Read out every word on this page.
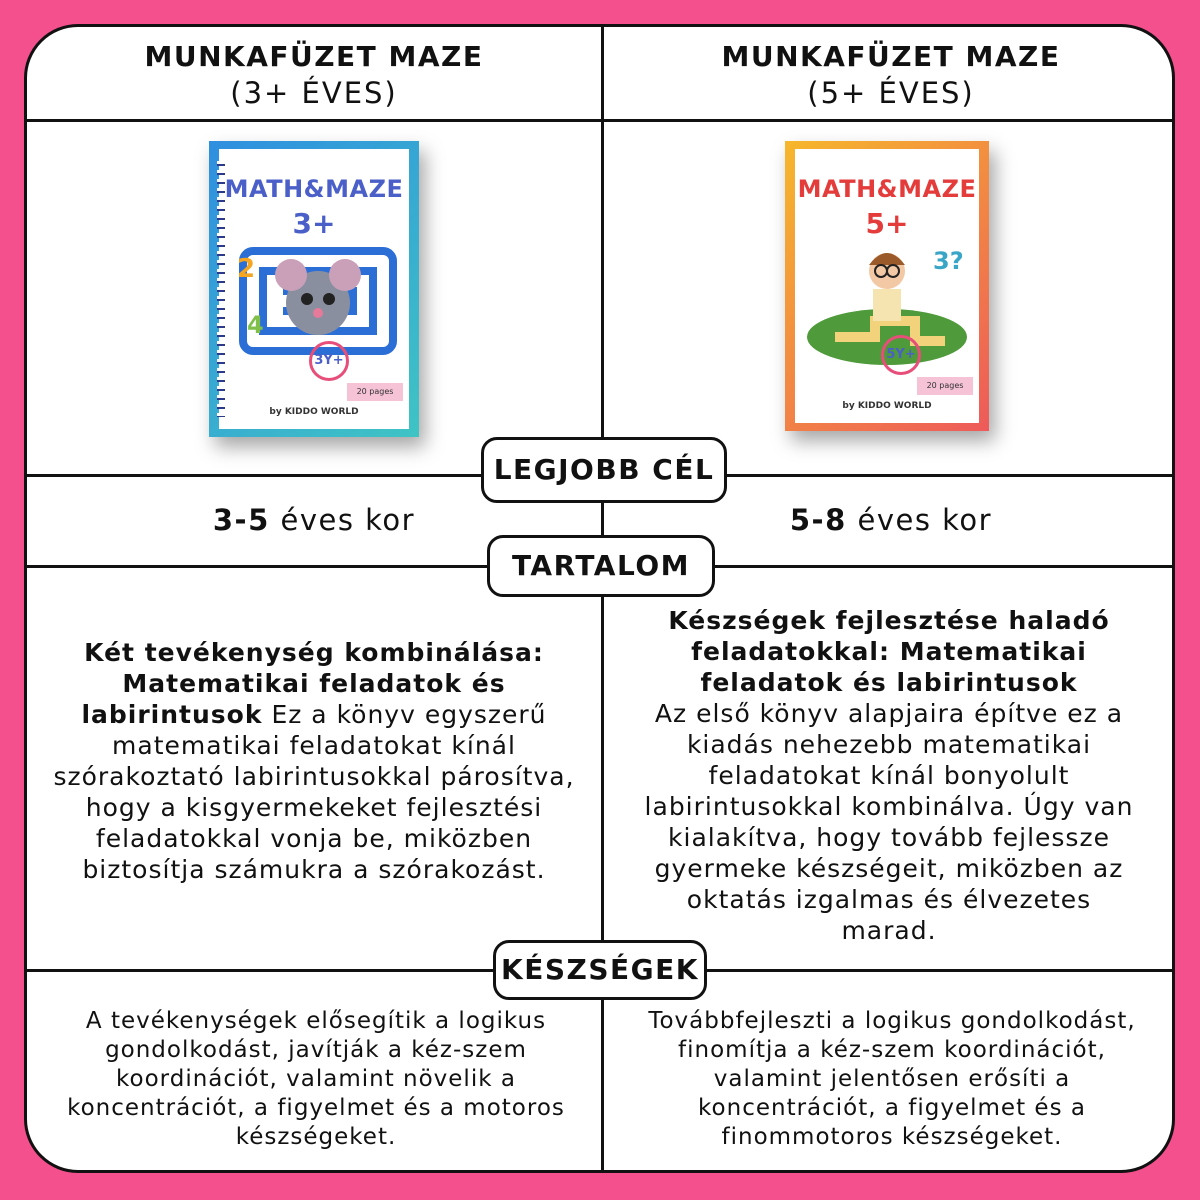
MUNKAFÜZET MAZE
(3+ ÉVES)
MUNKAFÜZET MAZE
(5+ ÉVES)
MATH&MAZE
3+
2
4
3Y+
20 pages
by KIDDO WORLD
MATH&MAZE
5+
3?
5Y+
20 pages
by KIDDO WORLD
3-5 éves kor	5-8 éves kor
Két tevékenység kombinálása: Matematikai feladatok és labirintusok Ez a könyv egyszerű matematikai feladatokat kínál szórakoztató labirintusokkal párosítva, hogy a kisgyermekeket fejlesztési feladatokkal vonja be, miközben biztosítja számukra a szórakozást.
Készségek fejlesztése haladó feladatokkal: Matematikai feladatok és labirintusok
Az első könyv alapjaira építve ez a kiadás nehezebb matematikai feladatokat kínál bonyolult labirintusokkal kombinálva. Úgy van kialakítva, hogy tovább fejlessze gyermeke készségeit, miközben az oktatás izgalmas és élvezetes marad.
A tevékenységek elősegítik a logikus gondolkodást, javítják a kéz-szem koordinációt, valamint növelik a koncentrációt, a figyelmet és a motoros készségeket.
Továbbfejleszti a logikus gondolkodást, finomítja a kéz-szem koordinációt, valamint jelentősen erősíti a koncentrációt, a figyelmet és a finommotoros készségeket.
LEGJOBB CÉL
TARTALOM
KÉSZSÉGEK
